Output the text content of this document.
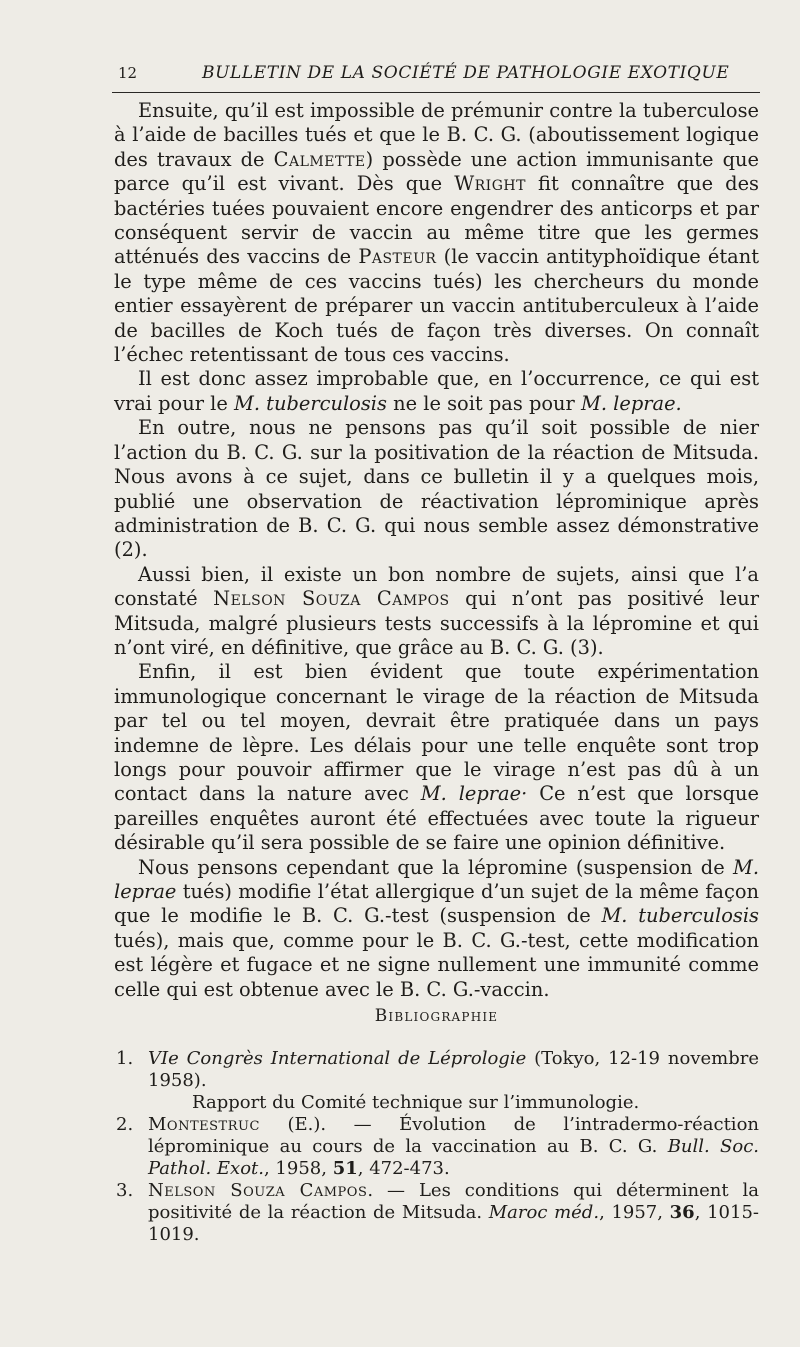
12	BULLETIN DE LA SOCIÉTÉ DE PATHOLOGIE EXOTIQUE

Ensuite, qu’il est impossible de prémunir contre la tuberculose à l’aide de bacilles tués et que le B. C. G. (aboutissement logique des travaux de Calmette) possède une action immunisante que parce qu’il est vivant. Dès que Wright fit connaître que des bactéries tuées pouvaient encore engendrer des anticorps et par conséquent servir de vaccin au même titre que les germes atténués des vaccins de Pasteur (le vaccin antityphoïdique étant le type même de ces vaccins tués) les chercheurs du monde entier essayèrent de préparer un vaccin antituberculeux à l’aide de bacilles de Koch tués de façon très diverses. On connaît l’échec retentissant de tous ces vaccins.

Il est donc assez improbable que, en l’occurrence, ce qui est vrai pour le M. tuberculosis ne le soit pas pour M. leprae.

En outre, nous ne pensons pas qu’il soit possible de nier l’action du B. C. G. sur la positivation de la réaction de Mitsuda. Nous avons à ce sujet, dans ce bulletin il y a quelques mois, publié une observation de réactivation léprominique après administration de B. C. G. qui nous semble assez démonstrative (2).

Aussi bien, il existe un bon nombre de sujets, ainsi que l’a constaté Nelson Souza Campos qui n’ont pas positivé leur Mitsuda, malgré plusieurs tests successifs à la lépromine et qui n’ont viré, en définitive, que grâce au B. C. G. (3).

Enfin, il est bien évident que toute expérimentation immunologique concernant le virage de la réaction de Mitsuda par tel ou tel moyen, devrait être pratiquée dans un pays indemne de lèpre. Les délais pour une telle enquête sont trop longs pour pouvoir affirmer que le virage n’est pas dû à un contact dans la nature avec M. leprae· Ce n’est que lorsque pareilles enquêtes auront été effectuées avec toute la rigueur désirable qu’il sera possible de se faire une opinion définitive.

Nous pensons cependant que la lépromine (suspension de M. leprae tués) modifie l’état allergique d’un sujet de la même façon que le modifie le B. C. G.-test (suspension de M. tuberculosis tués), mais que, comme pour le B. C. G.-test, cette modification est légère et fugace et ne signe nullement une immunité comme celle qui est obtenue avec le B. C. G.-vaccin.

Bibliographie
1. VIe Congrès International de Léprologie (Tokyo, 12-19 novembre 1958).
Rapport du Comité technique sur l’immunologie.
2. Montestruc (E.). — Évolution de l’intradermo-réaction léprominique au cours de la vaccination au B. C. G. Bull. Soc. Pathol. Exot., 1958, 51, 472-473.
3. Nelson Souza Campos. — Les conditions qui déterminent la positivité de la réaction de Mitsuda. Maroc méd., 1957, 36, 1015-1019.
